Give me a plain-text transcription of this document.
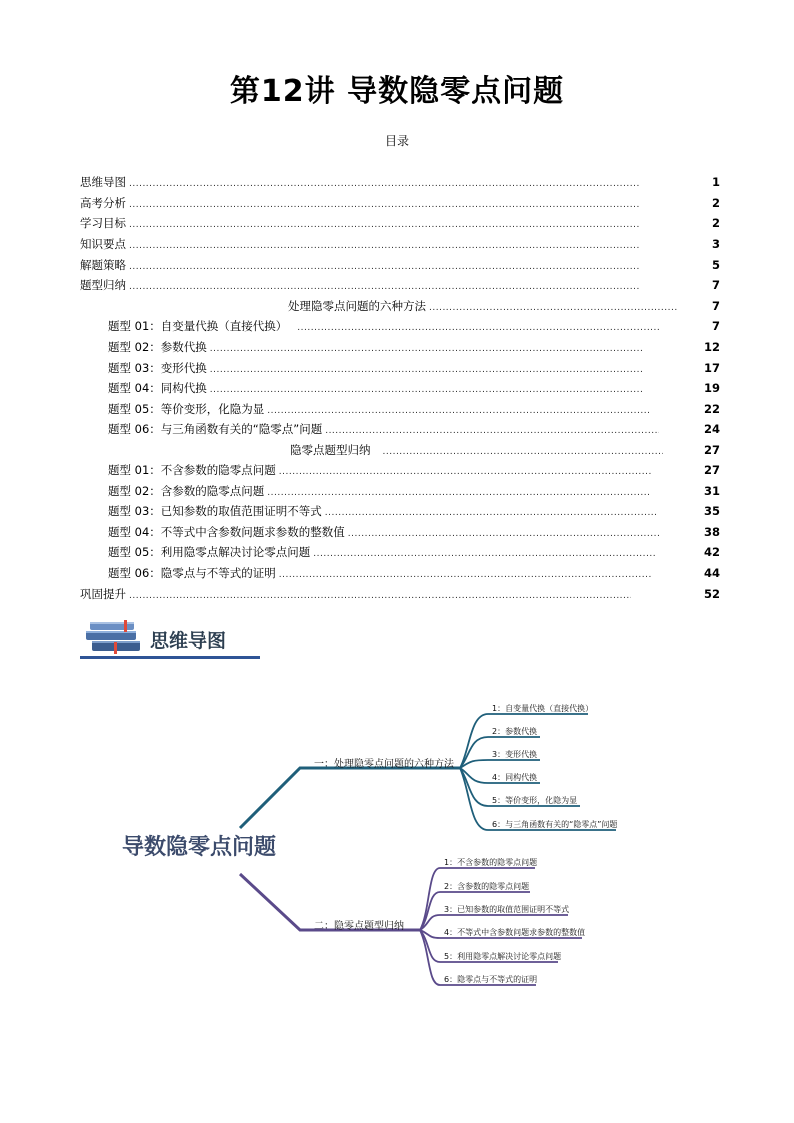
第12讲 导数隐零点问题
目录
思维导图 .....	1
高考分析 .....	2
学习目标 .....	2
知识要点 .....	3
解题策略 .....	5
题型归纳 .....	7
处理隐零点问题的六种方法 .....	7
题型 01：自变量代换（直接代换） .....	7
题型 02：参数代换 .....	12
题型 03：变形代换 .....	17
题型 04：同构代换 .....	19
题型 05：等价变形，化隐为显 .....	22
题型 06：与三角函数有关的“隐零点”问题 .....	24
隐零点题型归纳 .....	27
题型 01：不含参数的隐零点问题 .....	27
题型 02：含参数的隐零点问题 .....	31
题型 03：已知参数的取值范围证明不等式 .....	35
题型 04：不等式中含参数问题求参数的整数值 .....	38
题型 05：利用隐零点解决讨论零点问题 .....	42
题型 06：隐零点与不等式的证明 .....	44
巩固提升 .....	52
思维导图
导数隐零点问题
一：处理隐零点问题的六种方法
二：隐零点题型归纳
1：自变量代换（直接代换）
2：参数代换
3：变形代换
4：同构代换
5：等价变形，化隐为显
6：与三角函数有关的“隐零点”问题
1：不含参数的隐零点问题
2：含参数的隐零点问题
3：已知参数的取值范围证明不等式
4：不等式中含参数问题求参数的整数值
5：利用隐零点解决讨论零点问题
6：隐零点与不等式的证明
